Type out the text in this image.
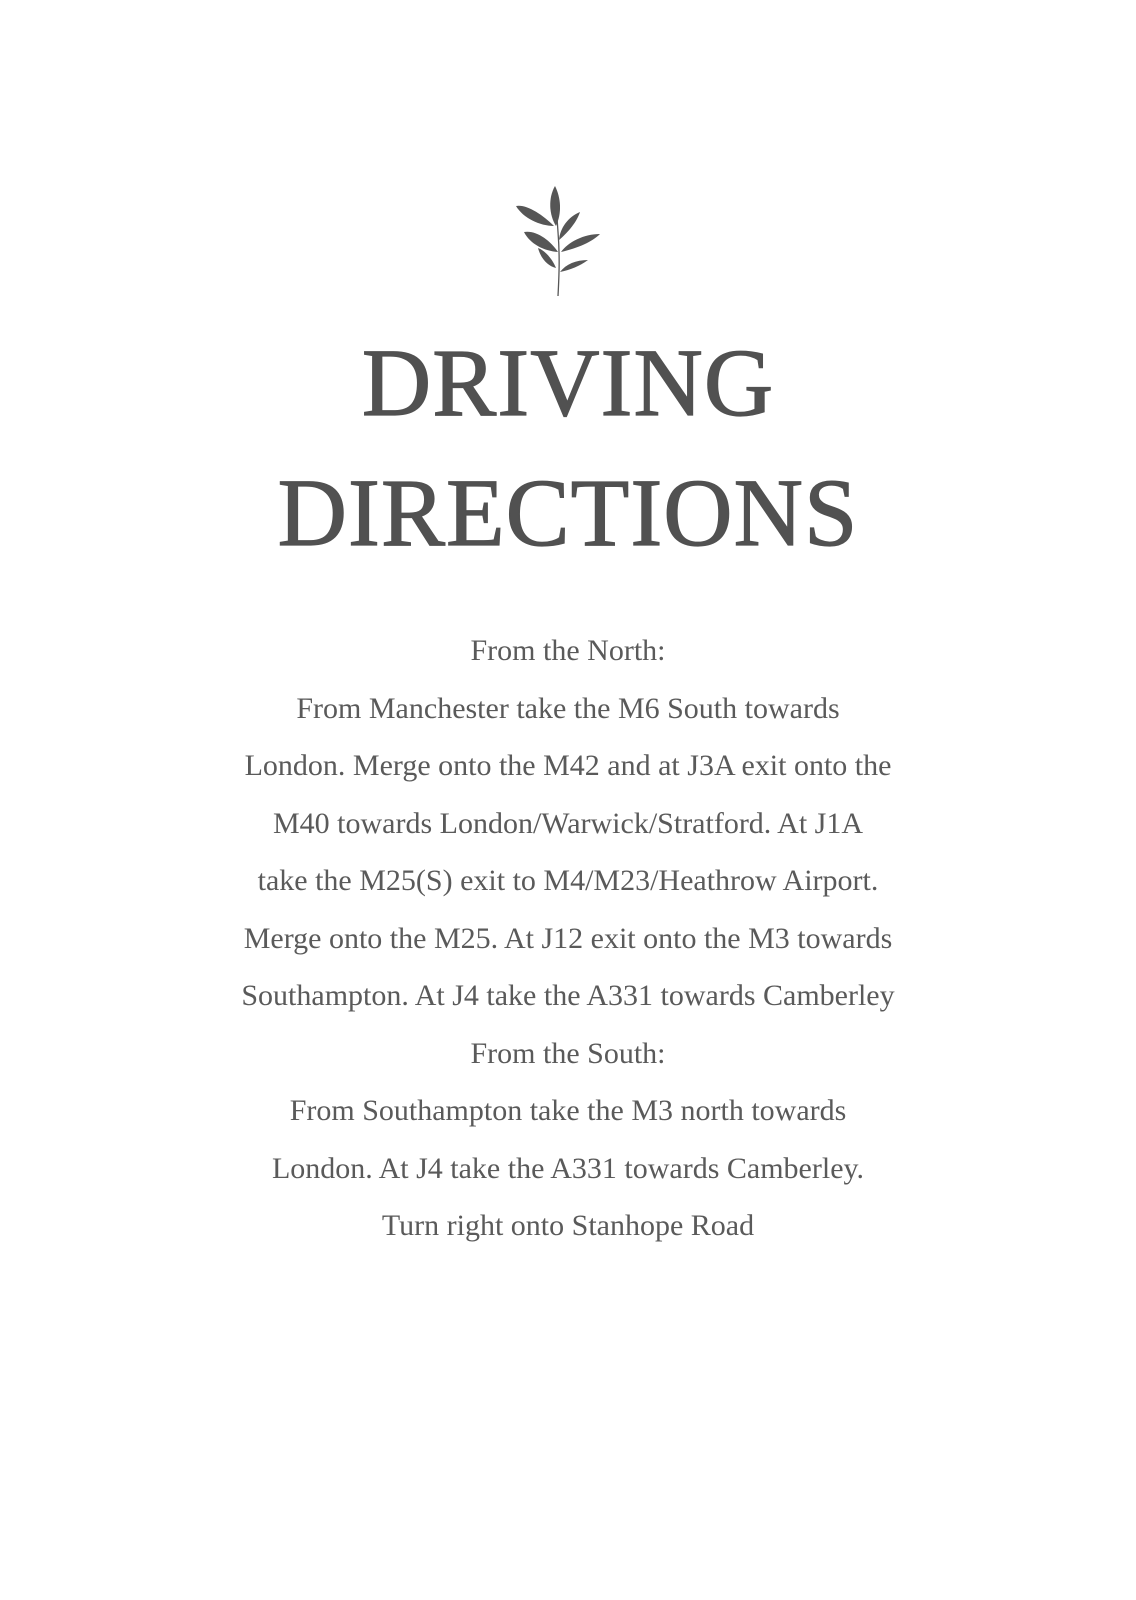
DRIVING
DIRECTIONS
From the North:
From Manchester take the M6 South towards
London. Merge onto the M42 and at J3A exit onto the
M40 towards London/Warwick/Stratford. At J1A
take the M25(S) exit to M4/M23/Heathrow Airport.
Merge onto the M25. At J12 exit onto the M3 towards
Southampton. At J4 take the A331 towards Camberley
From the South:
From Southampton take the M3 north towards
London. At J4 take the A331 towards Camberley.
Turn right onto Stanhope Road
